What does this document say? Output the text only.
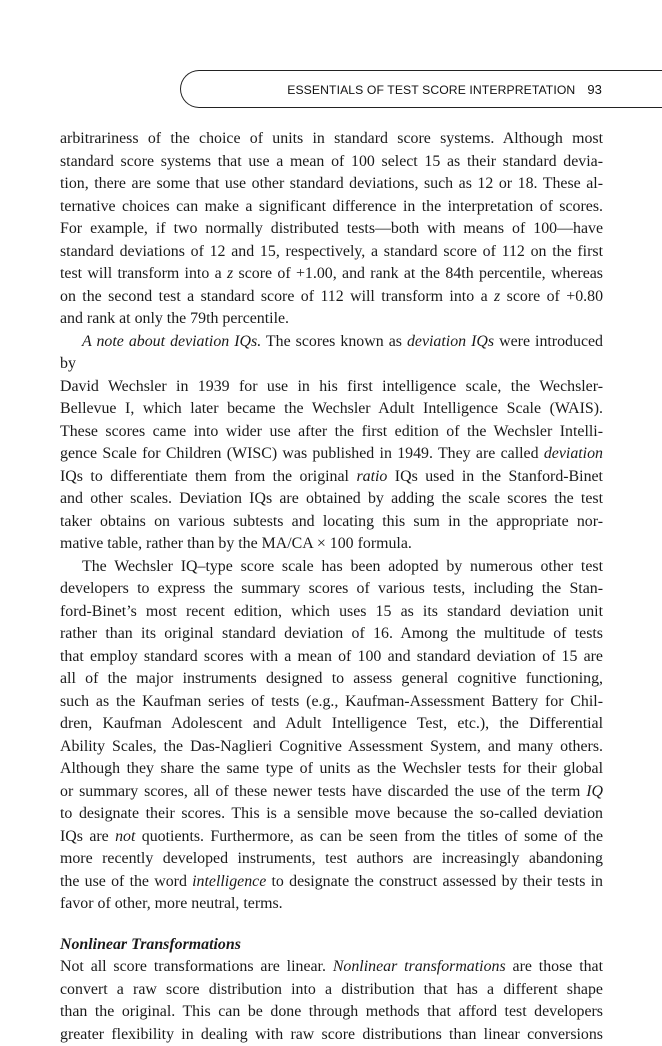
ESSENTIALS OF TEST SCORE INTERPRETATION 93
arbitrariness of the choice of units in standard score systems. Although most
standard score systems that use a mean of 100 select 15 as their standard devia-
tion, there are some that use other standard deviations, such as 12 or 18. These al-
ternative choices can make a significant difference in the interpretation of scores.
For example, if two normally distributed tests—both with means of 100—have
standard deviations of 12 and 15, respectively, a standard score of 112 on the first
test will transform into a z score of +1.00, and rank at the 84th percentile, whereas
on the second test a standard score of 112 will transform into a z score of +0.80
and rank at only the 79th percentile.
A note about deviation IQs. The scores known as deviation IQs were introduced by
David Wechsler in 1939 for use in his first intelligence scale, the Wechsler-
Bellevue I, which later became the Wechsler Adult Intelligence Scale (WAIS).
These scores came into wider use after the first edition of the Wechsler Intelli-
gence Scale for Children (WISC) was published in 1949. They are called deviation
IQs to differentiate them from the original ratio IQs used in the Stanford-Binet
and other scales. Deviation IQs are obtained by adding the scale scores the test
taker obtains on various subtests and locating this sum in the appropriate nor-
mative table, rather than by the MA/CA × 100 formula.
The Wechsler IQ–type score scale has been adopted by numerous other test
developers to express the summary scores of various tests, including the Stan-
ford-Binet’s most recent edition, which uses 15 as its standard deviation unit
rather than its original standard deviation of 16. Among the multitude of tests
that employ standard scores with a mean of 100 and standard deviation of 15 are
all of the major instruments designed to assess general cognitive functioning,
such as the Kaufman series of tests (e.g., Kaufman-Assessment Battery for Chil-
dren, Kaufman Adolescent and Adult Intelligence Test, etc.), the Differential
Ability Scales, the Das-Naglieri Cognitive Assessment System, and many others.
Although they share the same type of units as the Wechsler tests for their global
or summary scores, all of these newer tests have discarded the use of the term IQ
to designate their scores. This is a sensible move because the so-called deviation
IQs are not quotients. Furthermore, as can be seen from the titles of some of the
more recently developed instruments, test authors are increasingly abandoning
the use of the word intelligence to designate the construct assessed by their tests in
favor of other, more neutral, terms.
Nonlinear Transformations
Not all score transformations are linear. Nonlinear transformations are those that
convert a raw score distribution into a distribution that has a different shape
than the original. This can be done through methods that afford test developers
greater flexibility in dealing with raw score distributions than linear conversions
